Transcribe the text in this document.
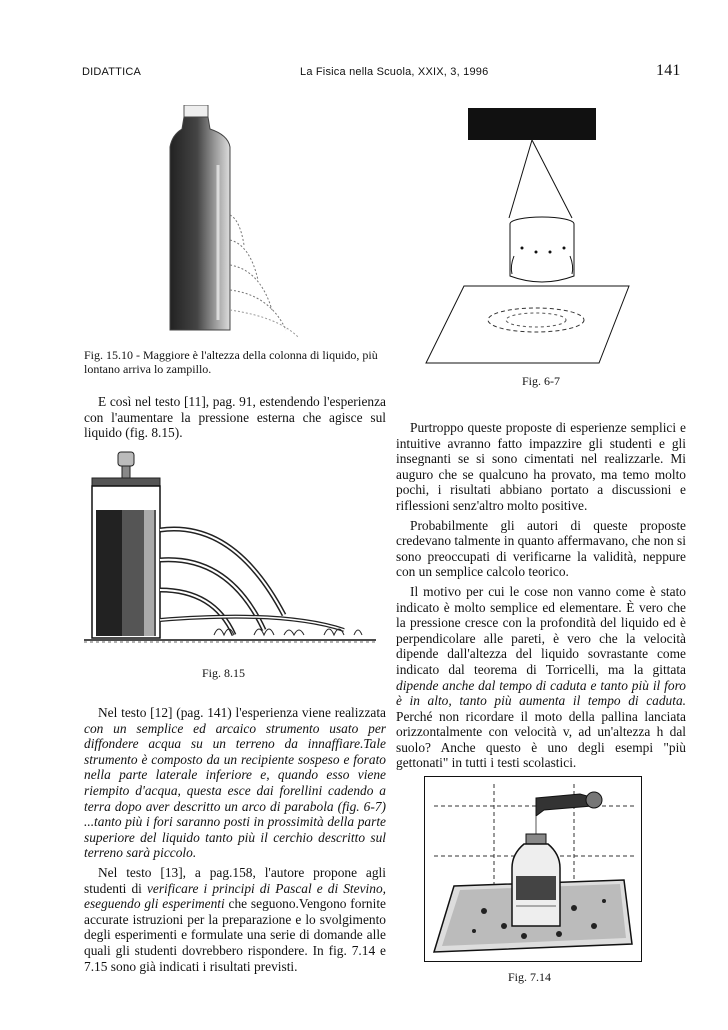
DIDATTICA	La Fisica nella Scuola, XXIX, 3, 1996	141
Fig. 15.10 - Maggiore è l'altezza della colonna di liquido, più lontano arriva lo zampillo.
Fig. 8.15
Fig. 6-7
Fig. 7.14

E così nel testo [11], pag. 91, estendendo l'esperienza con l'aumentare la pressione esterna che agisce sul liquido (fig. 8.15).

Nel testo [12] (pag. 141) l'esperienza viene realizzata con un semplice ed arcaico strumento usato per diffondere acqua su un terreno da innaffiare.Tale strumento è composto da un recipiente sospeso e forato nella parte laterale inferiore e, quando esso viene riempito d'acqua, questa esce dai forellini cadendo a terra dopo aver descritto un arco di parabola (fig. 6-7) ...tanto più i fori saranno posti in prossimità della parte superiore del liquido tanto più il cerchio descritto sul terreno sarà piccolo.

Nel testo [13], a pag.158, l'autore propone agli studenti di verificare i principi di Pascal e di Stevino, eseguendo gli esperimenti che seguono.Vengono fornite accurate istruzioni per la preparazione e lo svolgimento degli esperimenti e formulate una serie di domande alle quali gli studenti dovrebbero rispondere. In fig. 7.14 e 7.15 sono già indicati i risultati previsti.

Purtroppo queste proposte di esperienze semplici e intuitive avranno fatto impazzire gli studenti e gli insegnanti se si sono cimentati nel realizzarle. Mi auguro che se qualcuno ha provato, ma temo molto pochi, i risultati abbiano portato a discussioni e riflessioni senz'altro molto positive.

Probabilmente gli autori di queste proposte credevano talmente in quanto affermavano, che non si sono preoccupati di verificarne la validità, neppure con un semplice calcolo teorico.

Il motivo per cui le cose non vanno come è stato indicato è molto semplice ed elementare. È vero che la pressione cresce con la profondità del liquido ed è perpendicolare alle pareti, è vero che la velocità dipende dall'altezza del liquido sovrastante come indicato dal teorema di Torricelli, ma la gittata dipende anche dal tempo di caduta e tanto più il foro è in alto, tanto più aumenta il tempo di caduta. Perché non ricordare il moto della pallina lanciata orizzontalmente con velocità v, ad un'altezza h dal suolo? Anche questo è uno degli esempi "più gettonati" in tutti i testi scolastici.
